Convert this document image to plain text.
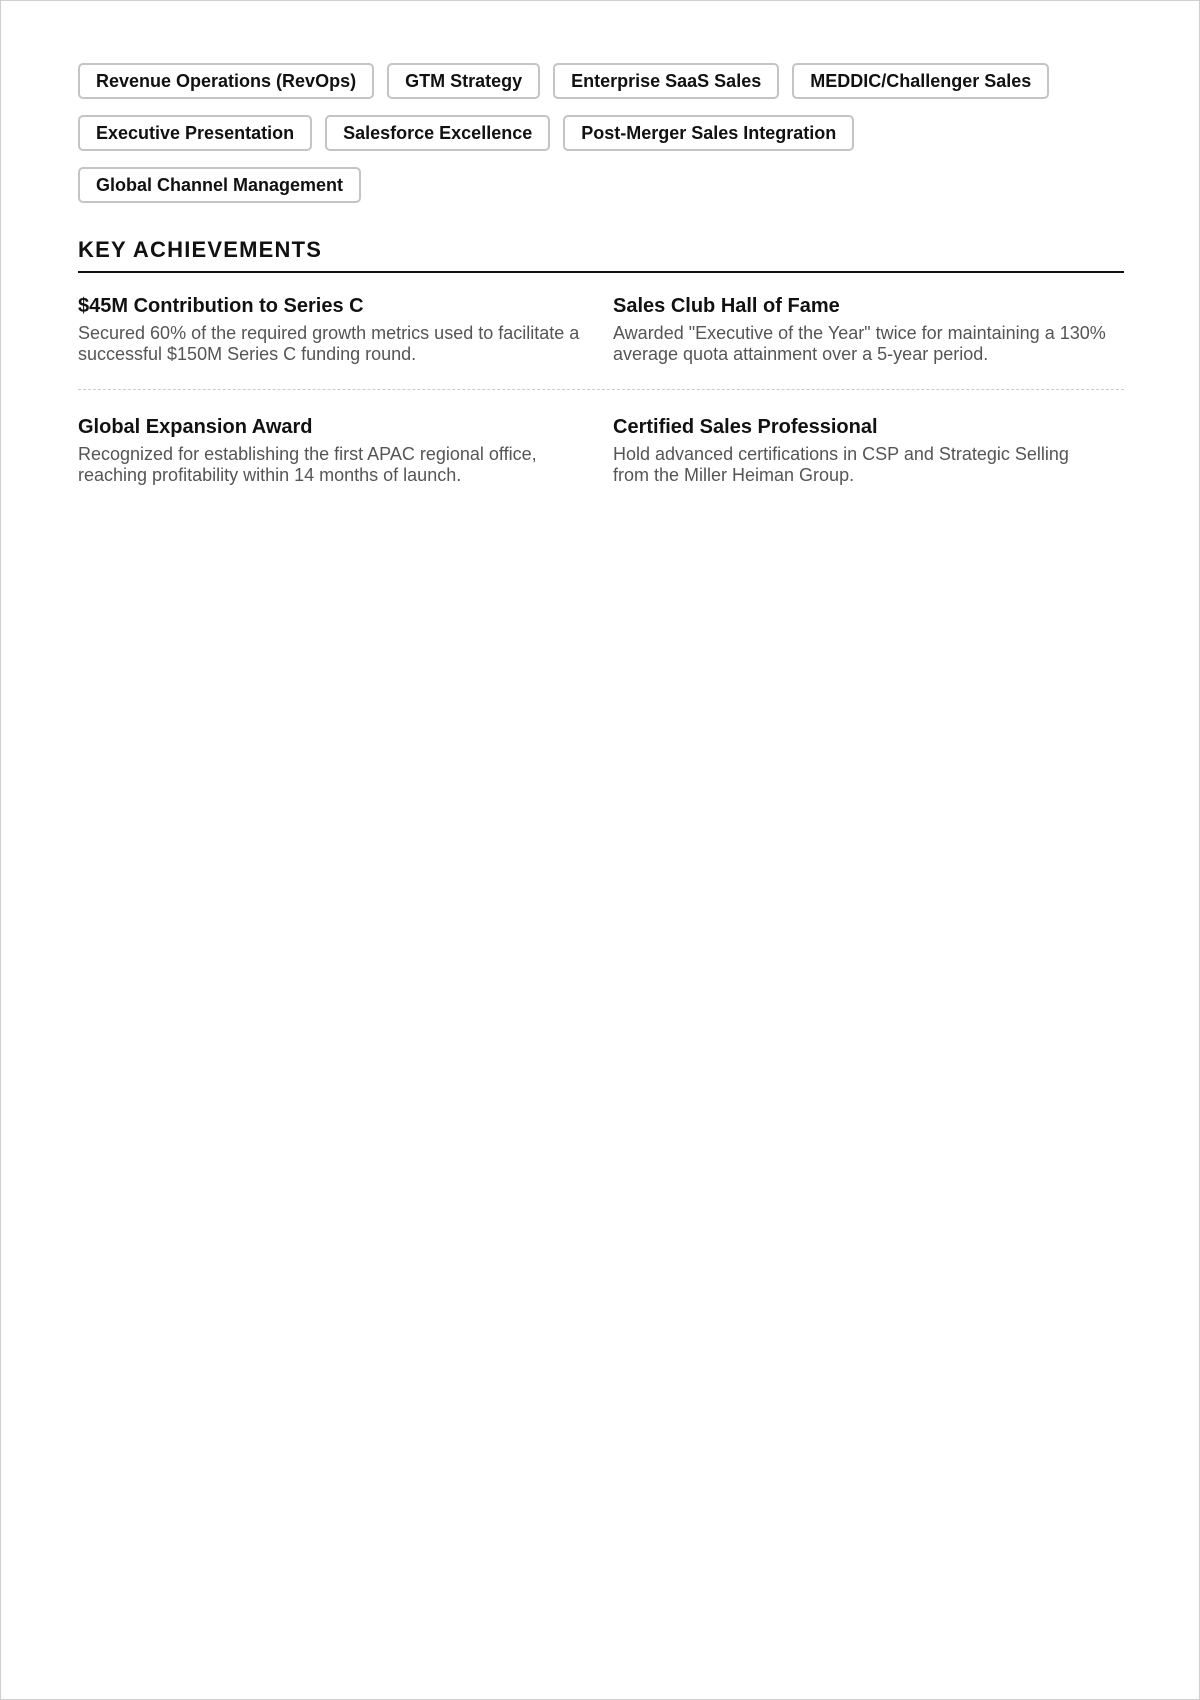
Revenue Operations (RevOps)	GTM Strategy	Enterprise SaaS Sales	MEDDIC/Challenger Sales
Executive Presentation	Salesforce Excellence	Post-Merger Sales Integration
Global Channel Management
KEY ACHIEVEMENTS
$45M Contribution to Series C
Secured 60% of the required growth metrics used to facilitate a successful $150M Series C funding round.
Sales Club Hall of Fame
Awarded "Executive of the Year" twice for maintaining a 130% average quota attainment over a 5-year period.
Global Expansion Award
Recognized for establishing the first APAC regional office, reaching profitability within 14 months of launch.
Certified Sales Professional
Hold advanced certifications in CSP and Strategic Selling from the Miller Heiman Group.
